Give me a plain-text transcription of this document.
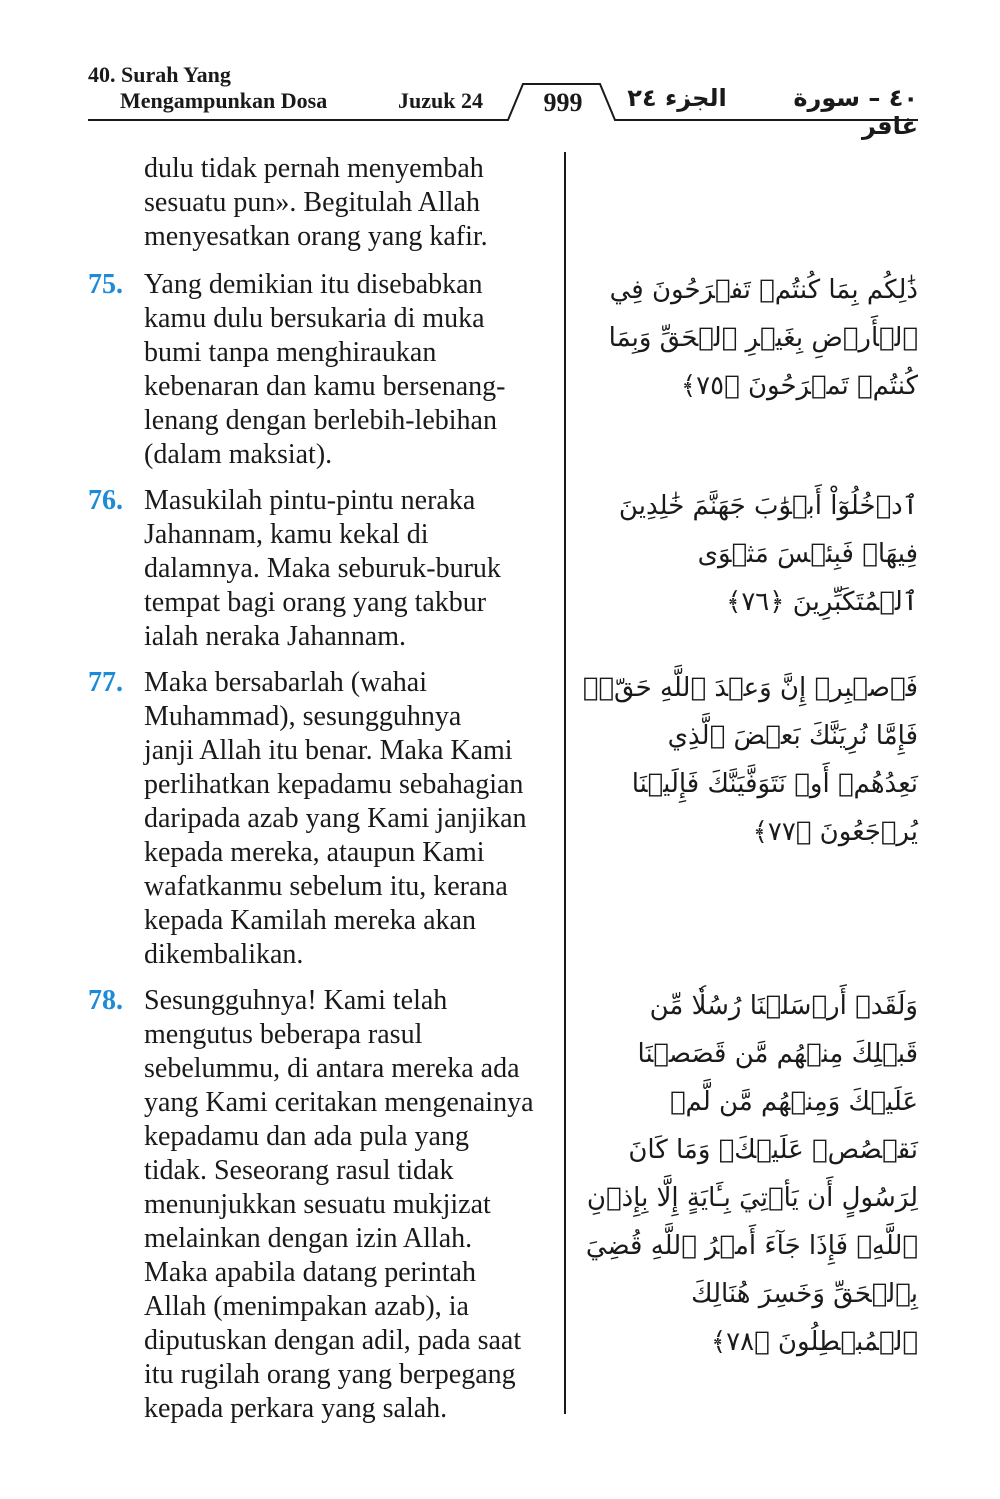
40. Surah Yang
Mengampunkan Dosa	Juzuk 24	999	الجزء ٢٤	٤٠ – سورة غافر
dulu tidak pernah menyembah
sesuatu pun». Begitulah Allah
menyesatkan orang yang kafir.
75. Yang demikian itu disebabkan
kamu dulu bersukaria di muka
bumi tanpa menghiraukan
kebenaran dan kamu bersenang-
lenang dengan berlebih-lebihan
(dalam maksiat).
ذَٰلِكُم بِمَا كُنتُمۡ تَفۡرَحُونَ فِي ٱلۡأَرۡضِ بِغَيۡرِ ٱلۡحَقِّ وَبِمَا كُنتُمۡ تَمۡرَحُونَ ﴿٧٥﴾
76. Masukilah pintu-pintu neraka
Jahannam, kamu kekal di
dalamnya. Maka seburuk-buruk
tempat bagi orang yang takbur
ialah neraka Jahannam.
ٱدۡخُلُوٓاْ أَبۡوَٰبَ جَهَنَّمَ خَٰلِدِينَ فِيهَاۖ فَبِئۡسَ مَثۡوَى ٱلۡمُتَكَبِّرِينَ ﴿٧٦﴾
77. Maka bersabarlah (wahai
Muhammad), sesungguhnya
janji Allah itu benar. Maka Kami
perlihatkan kepadamu sebahagian
daripada azab yang Kami janjikan
kepada mereka, ataupun Kami
wafatkanmu sebelum itu, kerana
kepada Kamilah mereka akan
dikembalikan.
فَٱصۡبِرۡ إِنَّ وَعۡدَ ٱللَّهِ حَقّٞۚ فَإِمَّا نُرِيَنَّكَ بَعۡضَ ٱلَّذِي نَعِدُهُمۡ أَوۡ نَتَوَفَّيَنَّكَ فَإِلَيۡنَا يُرۡجَعُونَ ﴿٧٧﴾
78. Sesungguhnya! Kami telah
mengutus beberapa rasul
sebelummu, di antara mereka ada
yang Kami ceritakan mengenainya
kepadamu dan ada pula yang
tidak. Seseorang rasul tidak
menunjukkan sesuatu mukjizat
melainkan dengan izin Allah.
Maka apabila datang perintah
Allah (menimpakan azab), ia
diputuskan dengan adil, pada saat
itu rugilah orang yang berpegang
kepada perkara yang salah.
وَلَقَدۡ أَرۡسَلۡنَا رُسُلٗا مِّن قَبۡلِكَ مِنۡهُم مَّن قَصَصۡنَا عَلَيۡكَ وَمِنۡهُم مَّن لَّمۡ نَقۡصُصۡ عَلَيۡكَۗ وَمَا كَانَ لِرَسُولٍ أَن يَأۡتِيَ بِـَٔايَةٍ إِلَّا بِإِذۡنِ ٱللَّهِۚ فَإِذَا جَآءَ أَمۡرُ ٱللَّهِ قُضِيَ بِٱلۡحَقِّ وَخَسِرَ هُنَالِكَ ٱلۡمُبۡطِلُونَ ﴿٧٨﴾
